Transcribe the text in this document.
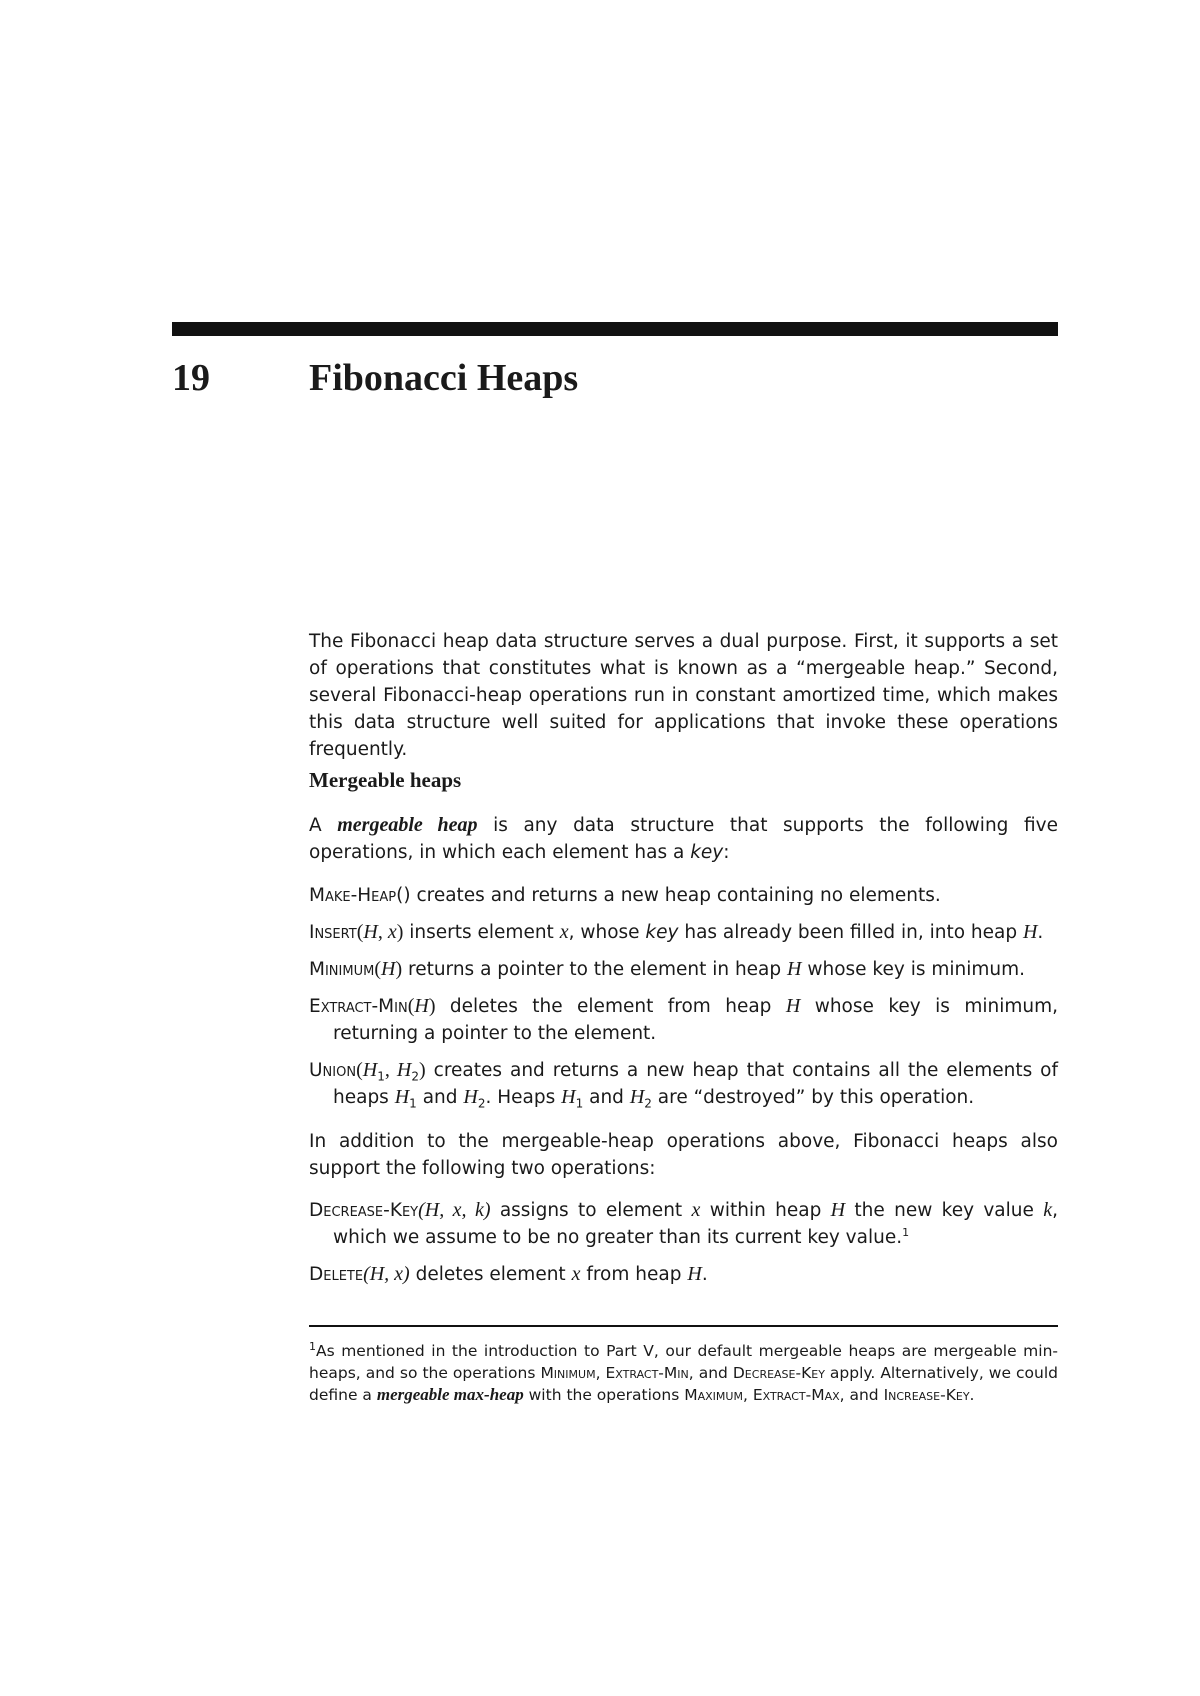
19	Fibonacci Heaps
The Fibonacci heap data structure serves a dual purpose. First, it supports a set of operations that constitutes what is known as a “mergeable heap.” Second, several Fibonacci-heap operations run in constant amortized time, which makes this data structure well suited for applications that invoke these operations frequently.
Mergeable heaps
A mergeable heap is any data structure that supports the following five operations, in which each element has a key:
Make-Heap() creates and returns a new heap containing no elements.
Insert(H, x) inserts element x, whose key has already been filled in, into heap H.
Minimum(H) returns a pointer to the element in heap H whose key is minimum.
Extract-Min(H) deletes the element from heap H whose key is minimum, returning a pointer to the element.
$Union(H_1$, $H_2$) creates and returns a new heap that contains all the elements of heaps $H_1$ and $H_2$. Heaps $H_1$ and $H_2$ are “destroyed” by this operation.
In addition to the mergeable-heap operations above, Fibonacci heaps also support the following two operations:
Decrease-Key(H, x, k) assigns to element x within heap H the new key value k, which we assume to be no greater than its current key value.$^1$
Delete(H, x) deletes element x from heap H.
$^1$As mentioned in the introduction to Part V, our default mergeable heaps are mergeable min-heaps, and so the operations Minimum, Extract-Min, and Decrease-Key apply. Alternatively, we could define a mergeable max-heap with the operations Maximum, Extract-Max, and Increase-Key.
